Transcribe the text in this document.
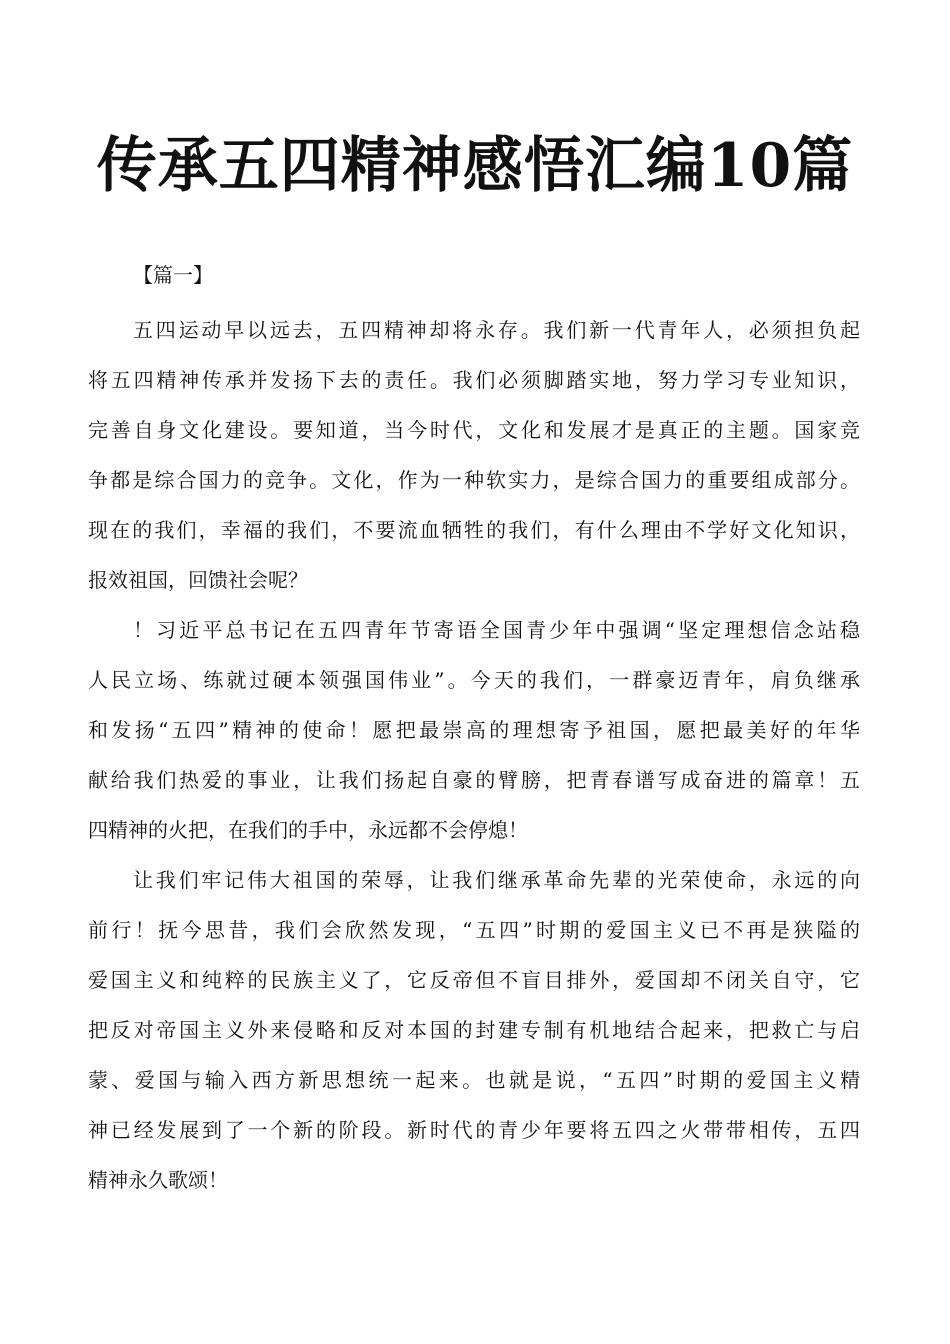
传承五四精神感悟汇编10篇
【篇一】

五四运动早以远去，五四精神却将永存。我们新一代青年人，必须担负起
将五四精神传承并发扬下去的责任。我们必须脚踏实地，努力学习专业知识，
完善自身文化建设。要知道，当今时代，文化和发展才是真正的主题。国家竞
争都是综合国力的竞争。文化，作为一种软实力，是综合国力的重要组成部分。
现在的我们，幸福的我们，不要流血牺牲的我们，有什么理由不学好文化知识，
报效祖国，回馈社会呢？

！习近平总书记在五四青年节寄语全国青少年中强调“坚定理想信念站稳
人民立场、练就过硬本领强国伟业”。今天的我们，一群豪迈青年，肩负继承
和发扬“五四”精神的使命！愿把最崇高的理想寄予祖国，愿把最美好的年华
献给我们热爱的事业，让我们扬起自豪的臂膀，把青春谱写成奋进的篇章！五
四精神的火把，在我们的手中，永远都不会停熄！

让我们牢记伟大祖国的荣辱，让我们继承革命先辈的光荣使命，永远的向
前行！抚今思昔，我们会欣然发现，“五四”时期的爱国主义已不再是狭隘的
爱国主义和纯粹的民族主义了，它反帝但不盲目排外，爱国却不闭关自守，它
把反对帝国主义外来侵略和反对本国的封建专制有机地结合起来，把救亡与启
蒙、爱国与输入西方新思想统一起来。也就是说，“五四”时期的爱国主义精
神已经发展到了一个新的阶段。新时代的青少年要将五四之火带带相传，五四
精神永久歌颂！
